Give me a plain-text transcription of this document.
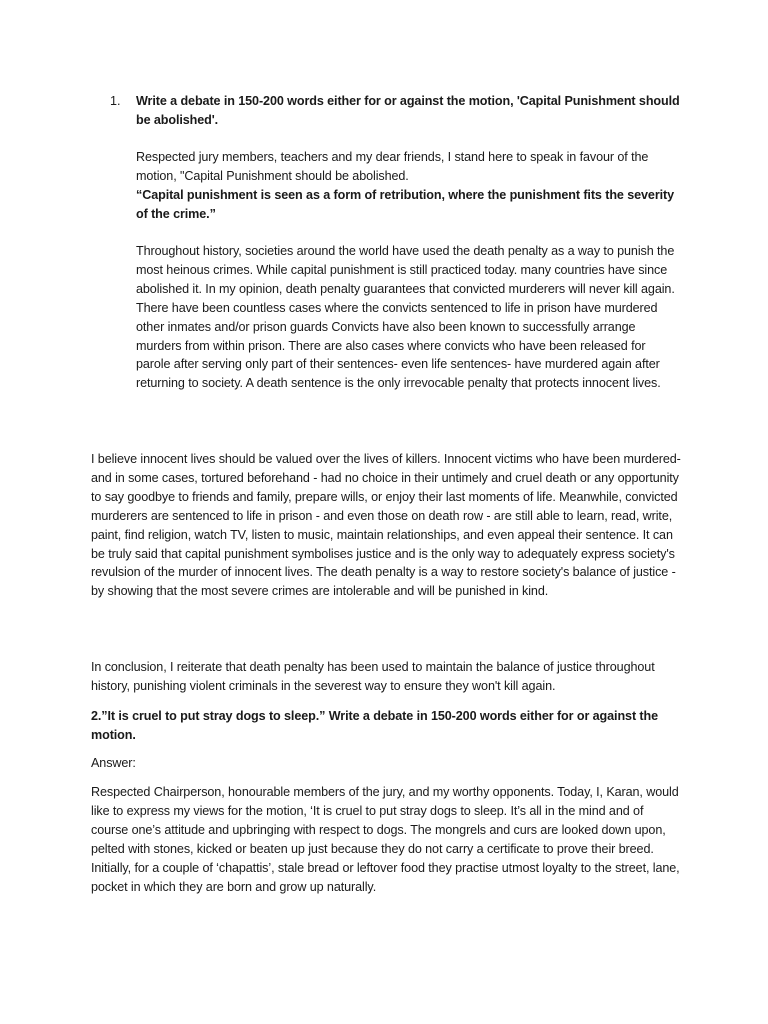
1. Write a debate in 150-200 words either for or against the motion, 'Capital Punishment should be abolished'.

Respected jury members, teachers and my dear friends, I stand here to speak in favour of the motion, "Capital Punishment should be abolished.

“Capital punishment is seen as a form of retribution, where the punishment fits the severity of the crime.”

Throughout history, societies around the world have used the death penalty as a way to punish the most heinous crimes. While capital punishment is still practiced today. many countries have since abolished it. In my opinion, death penalty guarantees that convicted murderers will never kill again. There have been countless cases where the convicts sentenced to life in prison have murdered other inmates and/or prison guards Convicts have also been known to successfully arrange murders from within prison. There are also cases where convicts who have been released for parole after serving only part of their sentences- even life sentences- have murdered again after returning to society. A death sentence is the only irrevocable penalty that protects innocent lives.

I believe innocent lives should be valued over the lives of killers. Innocent victims who have been murdered- and in some cases, tortured beforehand - had no choice in their untimely and cruel death or any opportunity to say goodbye to friends and family, prepare wills, or enjoy their last moments of life. Meanwhile, convicted murderers are sentenced to life in prison - and even those on death row - are still able to learn, read, write, paint, find religion, watch TV, listen to music, maintain relationships, and even appeal their sentence. It can be truly said that capital punishment symbolises justice and is the only way to adequately express society's revulsion of the murder of innocent lives. The death penalty is a way to restore society's balance of justice - by showing that the most severe crimes are intolerable and will be punished in kind.

In conclusion, I reiterate that death penalty has been used to maintain the balance of justice throughout history, punishing violent criminals in the severest way to ensure they won't kill again.

2.”It is cruel to put stray dogs to sleep.” Write a debate in 150-200 words either for or against the motion.

Answer:

Respected Chairperson, honourable members of the jury, and my worthy opponents. Today, I, Karan, would like to express my views for the motion, ‘It is cruel to put stray dogs to sleep. It’s all in the mind and of course one’s attitude and upbringing with respect to dogs. The mongrels and curs are looked down upon, pelted with stones, kicked or beaten up just because they do not carry a certificate to prove their breed. Initially, for a couple of ‘chapattis’, stale bread or leftover food they practise utmost loyalty to the street, lane, pocket in which they are born and grow up naturally.
